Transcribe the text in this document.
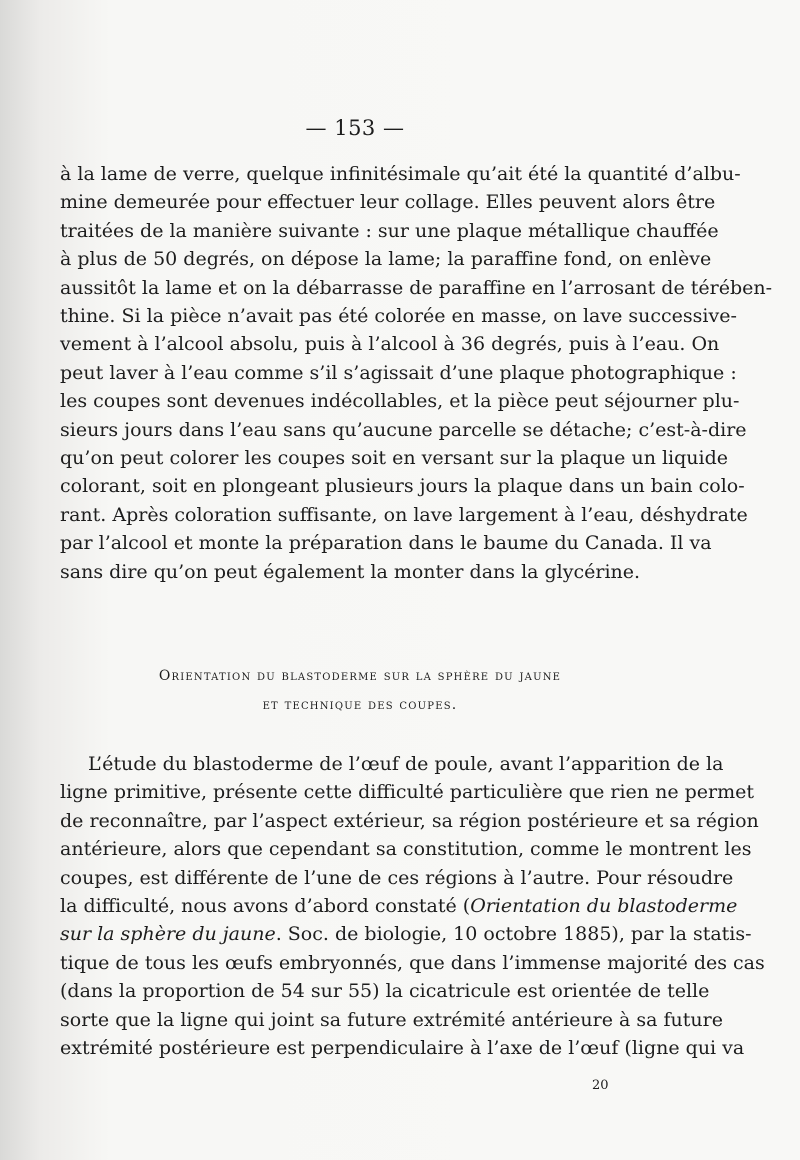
— 153 —
à la lame de verre, quelque infinitésimale qu’ait été la quantité d’albu-
mine demeurée pour effectuer leur collage. Elles peuvent alors être
traitées de la manière suivante : sur une plaque métallique chauffée
à plus de 50 degrés, on dépose la lame; la paraffine fond, on enlève
aussitôt la lame et on la débarrasse de paraffine en l’arrosant de térében-
thine. Si la pièce n’avait pas été colorée en masse, on lave successive-
vement à l’alcool absolu, puis à l’alcool à 36 degrés, puis à l’eau. On
peut laver à l’eau comme s’il s’agissait d’une plaque photographique :
les coupes sont devenues indécollables, et la pièce peut séjourner plu-
sieurs jours dans l’eau sans qu’aucune parcelle se détache; c’est-à-dire
qu’on peut colorer les coupes soit en versant sur la plaque un liquide
colorant, soit en plongeant plusieurs jours la plaque dans un bain colo-
rant. Après coloration suffisante, on lave largement à l’eau, déshydrate
par l’alcool et monte la préparation dans le baume du Canada. Il va
sans dire qu’on peut également la monter dans la glycérine.
Orientation du blastoderme sur la sphère du jaune
et technique des coupes.
L’étude du blastoderme de l’œuf de poule, avant l’apparition de la
ligne primitive, présente cette difficulté particulière que rien ne permet
de reconnaître, par l’aspect extérieur, sa région postérieure et sa région
antérieure, alors que cependant sa constitution, comme le montrent les
coupes, est différente de l’une de ces régions à l’autre. Pour résoudre
la difficulté, nous avons d’abord constaté (Orientation du blastoderme
sur la sphère du jaune. Soc. de biologie, 10 octobre 1885), par la statis-
tique de tous les œufs embryonnés, que dans l’immense majorité des cas
(dans la proportion de 54 sur 55) la cicatricule est orientée de telle
sorte que la ligne qui joint sa future extrémité antérieure à sa future
extrémité postérieure est perpendiculaire à l’axe de l’œuf (ligne qui va
20
